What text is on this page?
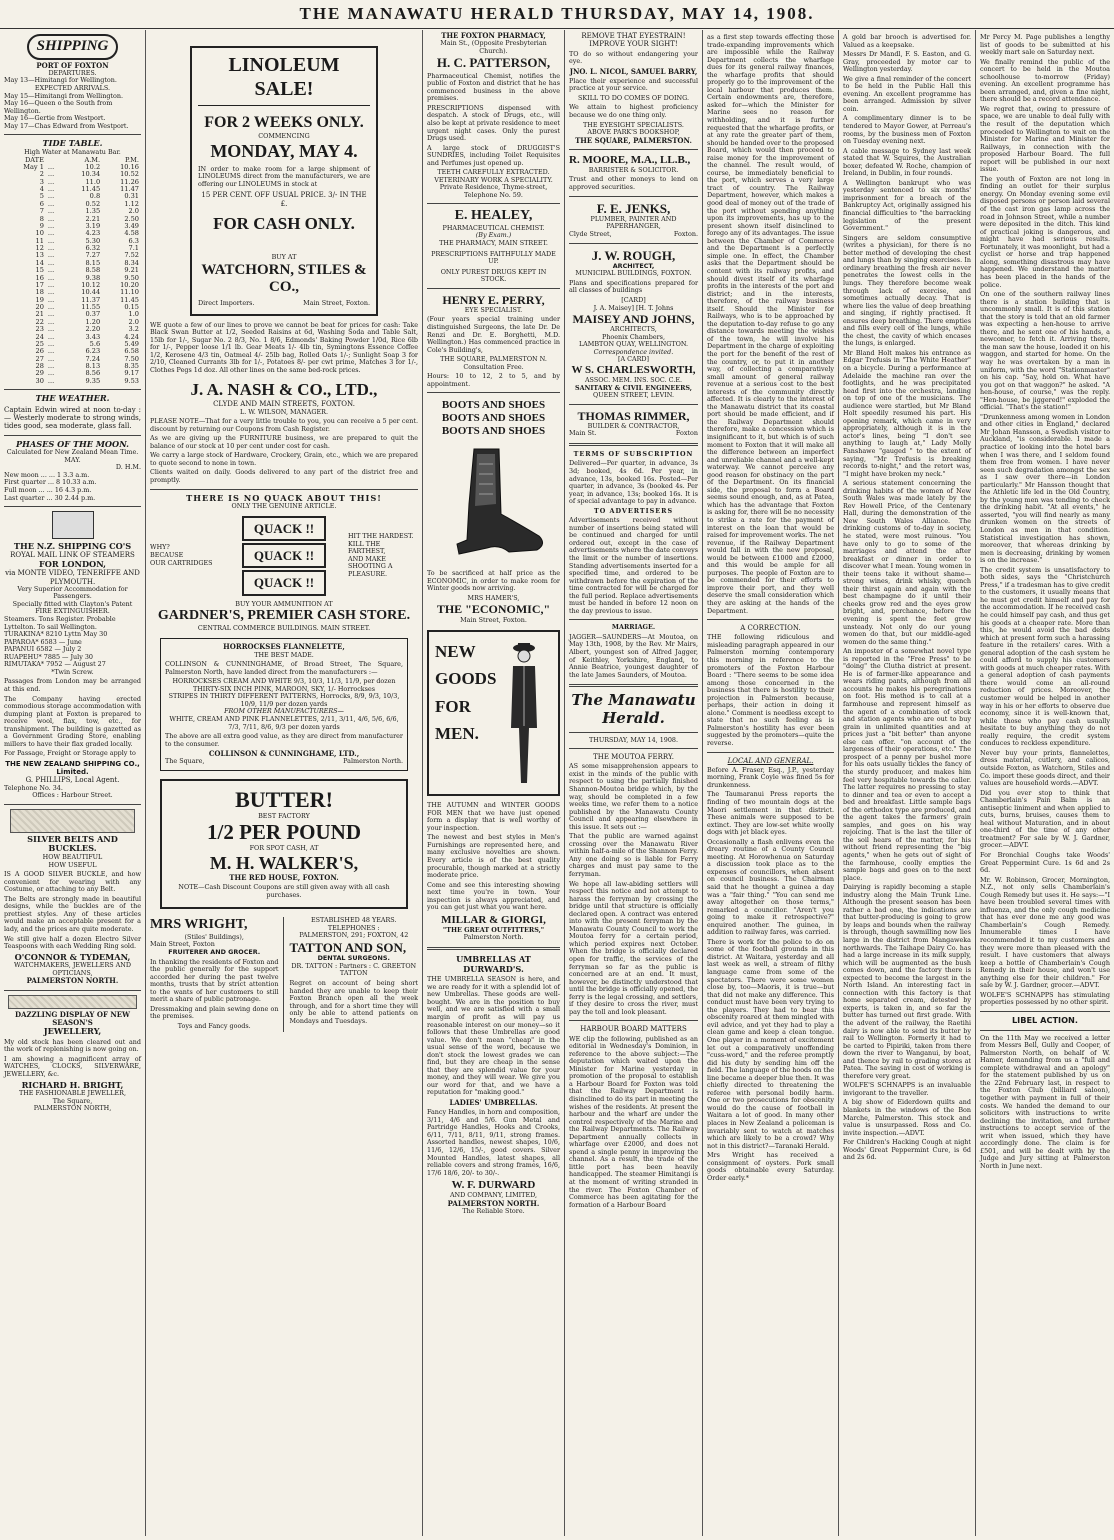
THE MANAWATU HERALD THURSDAY, MAY 14, 1908.
SHIPPING
PORT OF FOXTON
DEPARTURES.
May 13—Himitangi for Wellington.
EXPECTED ARRIVALS.
May 15—Himitangi from Wellington.
May 16—Queen o the South from Wellington.
May 16—Gertie from Westport.
May 17—Chas Edward from Westport.
TIDE TABLE.
High Water at Manawatu Bar.
DATE		A.M.	P.M.
May 1	...	10.2	10.16
2	...	10.34	10.52
3	...	11.0	11.26
4	...	11.45	11.47
5	...	0.8	0.31
6	...	0.52	1.12
7	...	1.35	2.0
8	...	2.21	2.50
9	...	3.19	3.49
10	...	4.23	4.58
11	...	5.30	6.3
12	...	6.32	7.1
13	...	7.27	7.52
14	...	8.15	8.34
15	...	8.58	9.21
16	...	9.38	9.50
17	...	10.12	10.20
18	...	10.44	11.10
19	...	11.37	11.45
20	...	11.55	0.15
21	...	0.37	1.0
22	...	1.20	2.0
23	...	2.20	3.2
24	...	3.43	4.24
25	...	5.6	5.49
26	...	6.23	6.58
27	...	7.24	7.50
28	...	8.13	8.35
29	...	8.56	9.17
30	...	9.35	9.53
THE WEATHER.

Captain Edwin wired at noon to-day :— Westerly moderate to strong winds, tides good, sea moderate, glass fall.

PHASES OF THE MOON.
Calculated for New Zealand Mean Time. MAY.
D. H.M.
New moon ... ... 1 3.3 a.m.
First quarter ... 8 10.33 a.m.
Full moon ... ... 16 4.3 p.m.
Last quarter ... 30 2.44 p.m.
THE N.Z. SHIPPING CO'S
ROYAL MAIL LINK OF STEAMERS
FOR LONDON,
via MONTE VIDEO, TENERIFFE AND PLYMOUTH.
Very Superior Accommodation for Passengers.
Specially fitted with Clayton's Patent FIRE EXTINGUISHER.
Steamers. Tons Register. Probable Lyttelton. To sail Wellington.
TURAKINA* 8210 Lyttn May 30
PAPAROA* 6583 — June
PAPANUI 6582 — July 2
RUAPEHU* 7885 — July 30
RIMUTAKA* 7952 — August 27
*Twin Screw.

Passages from London may be arranged at this end.

The Company having erected commodious storage accommodation with dumping plant at Foxton is prepared to receive wool, flax, tow, etc., for transhipment. The building is gazetted as a Government Grading Store, enabling millers to have their flax graded locally.

For Passage, Freight or Storage apply to

THE NEW ZEALAND SHIPPING CO., Limited.
G. PHILLIPS, Local Agent.
Telephone No. 34.
Offices : Harbour Street.
SILVER BELTS AND BUCKLES.
HOW BEAUTIFUL
HOW USEFUL

IS A GOOD SILVER BUCKLE, and how convenient for wearing with any Costume, or attaching to any Belt.

The Belts are strongly made in beautiful designs, while the buckles are of the prettiest styles. Any of these articles would make an acceptable present for a lady, and the prices are quite moderate.

We still give half a dozen Electro Silver Teaspoons with each Wedding Ring sold.

O'CONNOR & TYDEMAN,
WATCHMAKERS, JEWELLERS AND OPTICIANS,
PALMERSTON NORTH.
DAZZLING DISPLAY OF NEW SEASON'S
JEWELLERY,

My old stock has been cleared out and the work of replenishing is now going on.

I am showing a magnificent array of WATCHES, CLOCKS, SILVERWARE, JEWELLERY, &c.

RICHARD H. BRIGHT,
THE FASHIONABLE JEWELLER,
The Square,
PALMERSTON NORTH,
LINOLEUM SALE!
FOR 2 WEEKS ONLY.
COMMENCING
MONDAY, MAY 4.

IN order to make room for a large shipment of LINOLEUMS direct from the manufacturers, we are offering our LINOLEUMS in stock at

15 PER CENT. OFF USUAL PRICE. 3/- IN THE £.
FOR CASH ONLY.
BUY AT
WATCHORN, STILES & CO.,
Direct Importers.	Main Street, Foxton.

WE quote a few of our lines to prove we cannot be beat for prices for cash: Take Black Swan Butter at 1/2, Seeded Raisins at 6d, Washing Soda and Table Salt, 15lb for 1/-, Sugar No. 2 8/3, No. 1 8/6, Edmonds' Baking Powder 1/0d, Rice 6lb for 1/-, Pepper loose 1/1 lb. Gear Meats 1/- 4lb tin, Symingtons Essence Coffee 1/2, Kerosene 4/3 tin, Oatmeal 4/- 25lb bag, Rolled Oats 1/-; Sunlight Soap 3 for 2/10, Cleaned Currants 3lb for 1/-, Potatoes 8/- per cwt prime, Matches 3 for 1/-, Clothes Pegs 1d doz. All other lines on the same bed-rock prices.

J. A. NASH & CO., LTD.,
CLYDE AND MAIN STREETS, FOXTON.
L. W. WILSON, MANAGER.

PLEASE NOTE—That for a very little trouble to you, you can receive a 5 per cent. discount by returning our Coupons from Cash Register.

As we are giving up the FURNITURE business, we are prepared to quit the balance of our stock at 10 per cent under cost for cash.

We carry a large stock of Hardware, Crockery, Grain, etc., which we are prepared to quote second to none in town.

Clients waited on daily. Goods delivered to any part of the district free and promptly.

THERE IS NO QUACK ABOUT THIS!
ONLY THE GENUINE ARTICLE.
WHY?
BECAUSE
OUR CARTRIDGES
QUACK !!
QUACK !!
QUACK !!
HIT THE HARDEST.
KILL THE FARTHEST,
AND MAKE SHOOTING A PLEASURE.
BUY YOUR AMMUNITION AT
GARDNER'S, PREMIER CASH STORE.
CENTRAL COMMERCE BUILDINGS. MAIN STREET.
HORROCKSES FLANNELETTE,
THE BEST MADE.

COLLINSON & CUNNINGHAME, of Broad Street, The Square, Palmerston North, have landed direct from the manufacturers :—

HORROCKSES CREAM AND WHITE 9/3, 10/3, 11/3, 11/9, per dozen
THIRTY-SIX INCH PINK, MAROON, SKY, 1/- Horrockses
STRIPES IN THIRTY DIFFERENT PATTERNS, Horrocks, 8/9, 9/3, 10/3, 10/9, 11/9 per dozen yards
FROM OTHER MANUFACTURERS—
WHITE, CREAM AND PINK FLANNELETTES, 2/11, 3/11, 4/6, 5/6, 6/6, 7/3, 7/11, 8/6, 9/3 per dozen yards

The above are all extra good value, as they are direct from manufacturer to the consumer.

COLLINSON & CUNNINGHAME, LTD.,
The Square,	Palmerston North.
BUTTER!
BEST FACTORY
1/2 PER POUND
FOR SPOT CASH, AT
M. H. WALKER'S,
THE RED HOUSE, FOXTON.

NOTE—Cash Discount Coupons are still given away with all cash purchases.

MRS WRIGHT,
(Stiles' Buildings),
Main Street, Foxton
FRUITERER AND GROCER.

In thanking the residents of Foxton and the public generally for the support accorded her during the past twelve months, trusts that by strict attention to the wants of her customers to still merit a share of public patronage.

Dressmaking and plain sewing done on the premises.

Toys and Fancy goods.

ESTABLISHED 48 YEARS.
TELEPHONES :
PALMERSTON, 291; FOXTON, 42
TATTON AND SON,
DENTAL SURGEONS.
DR. TATTON : Partners : C. GREETON TATTON

Regret on account of being short handed they are unable to keep their Foxton Branch open all the week through, and for a short time they will only be able to attend patients on Mondays and Tuesdays.

THE FOXTON PHARMACY,
Main St., (Opposite Presbyterian Church).
H. C. PATTERSON,

Pharmaceutical Chemist, notifies the public of Foxton and district that he has commenced business in the above premises.

PRESCRIPTIONS dispensed with despatch. A stock of Drugs, etc., will also be kept at private residence to meet urgent night cases. Only the purest Drugs used.

A large stock of DRUGGIST'S SUNDRIES, including Toilet Requisites and Perfumes just opened up.

TEETH CAREFULLY EXTRACTED.
VETERINARY WORK A SPECIALITY.
Private Residence, Thyme-street, Telephone No. 59.
E. HEALEY,
PHARMACEUTICAL CHEMIST.
(By Exam.)
THE PHARMACY, MAIN STREET.
PRESCRIPTIONS FAITHFULLY MADE UP.
ONLY PUREST DRUGS KEPT IN STOCK.
HENRY E. PERRY,
EYE SPECIALIST.

(Four years special training under distinguished Surgeons, the late Dr. De Renzi and Dr. E. Borghetti, M.D. Wellington.) Has commenced practice in Cole's Building's,

THE SQUARE, PALMERSTON N.
Consultation Free.

Hours: 10 to 12, 2 to 5, and by appointment.

BOOTS AND SHOES
BOOTS AND SHOES
BOOTS AND SHOES

To be sacrificed at half price as the ECONOMIC, in order to make room for Winter goods now arriving.

MRS HAMER'S,
THE "ECONOMIC,"
Main Street, Foxton.
NEW
GOODS
FOR
MEN.

THE AUTUMN and WINTER GOODS FOR MEN that we have just opened form a display that is well worthy of your inspection.

The newest and best styles in Men's Furnishings are represented here, and many exclusive novelties are shown. Every article is of the best quality procurable, though marked at a strictly moderate price.

Come and see this interesting showing next time you're in town. Your inspection is always appreciated, and you can get just what you want here.

MILLAR & GIORGI,
"THE GREAT OUTFITTERS,"
Palmerston North.
UMBRELLAS AT DURWARD'S.

THE UMBRELLA SEASON is here, and we are ready for it with a splendid lot of new Umbrellas. These goods are well-bought. We are in the position to buy well, and we are satisfied with a small margin of profit as will pay us reasonable interest on our money—so it follows that these Umbrellas are good value. We don't mean "cheap" in the usual sense of the word, because we don't stock the lowest grades we can find, but they are cheap in the sense that they are splendid value for your money, and they will wear. We give you our word for that, and we have a reputation for "making good."

LADIES' UMBRELLAS.

Fancy Handles, in horn and composition, 3/11, 4/6 and 5/6. Gun Metal and Partridge Handles, Hooks and Crooks, 6/11, 7/11, 8/11, 9/11, strong frames. Assorted handles, newest shapes, 10/6, 11/6, 12/6, 15/-, good covers. Silver Mounted Handles, latest shapes, all reliable covers and strong frames, 16/6, 17/6 18/6, 20/- to 30/-.

W. F. DURWARD
AND COMPANY, LIMITED,
PALMERSTON NORTH.
The Reliable Store.
REMOVE THAT EYESTRAIN! IMPROVE YOUR SIGHT!

TO do so without endangering your eye.

JNO. L. NICOL, SAMUEL BARRY,

Place their experience and successful practice at your service.

SKILL TO DO COMES OF DOING.

We attain to highest proficiency because we do one thing only.

THE EYESIGHT SPECIALISTS.
ABOVE PARK'S BOOKSHOP,
THE SQUARE, PALMERSTON.
R. MOORE, M.A., LL.B.,
BARRISTER & SOLICITOR.

Trust and other moneys to lend on approved securities.

F. E. JENKS,
PLUMBER, PAINTER AND PAPERHANGER,
Clyde Street,	Foxton.
J. W. ROUGH,
ARCHITECT,
MUNICIPAL BUILDINGS, FOXTON.

Plans and specifications prepared for all classes of buildings

[CARD]
J. A. Maisey] [H. T. Johns
MAISEY AND JOHNS,
ARCHITECTS,
Phoenix Chambers,
LAMBTON QUAY, WELLINGTON.
Correspondence invited.
[A CARD]
W S. CHARLESWORTH,
ASSOC. MEM. INS. SOC. C.E.
SANITARY & CIVIL ENGINEERS,
QUEEN STREET, LEVIN.
THOMAS RIMMER,
BUILDER & CONTRACTOR,
Main St.	Foxton
TERMS OF SUBSCRIPTION

Delivered—Per quarter, in advance, 3s 3d; booked, 4s 6d. Per year, in advance, 13s, booked 16s. Posted—Per quarter, in advance, 3s (booked 4s. Per year, in advance, 13s; booked 16s. It is of special advantage to pay in advance.

TO ADVERTISERS

Advertisements received without number of insertions being stated will be continued and charged for until ordered out, except in the case of advertisements where the date conveys the limit or the number of insertions. Standing advertisements inserted for a specified time, and ordered to be withdrawn before the expiration of the time contracted for will be charged for the full period. Replace advertisements must be handed in before 12 noon on the day previous to issue.

MARRIAGE.

JAGGER—SAUNDERS—At Moutoa, on May 13th, 1908, by the Rev. Mr Mairs, Albert, youngest son of Alfred Jagger, of Keithley, Yorkshire, England, to Annie Beatrice, youngest daughter of the late James Saunders, of Moutoa.

The Manawatu Herald.
THURSDAY, MAY 14, 1908.
THE MOUTOA FERRY.

AS some misapprehension appears to exist in the minds of the public with respect to using the partially finished Shannon-Moutoa bridge which, by the way, should be completed in a few weeks time, we refer them to a notice published by the Manawatu County Council and appearing elsewhere in this issue. It sets out :—

That the public are warned against crossing over the Manawatu River within half-a-mile of the Shannon Ferry. Any one doing so is liable for Ferry charges and must pay same to the ferryman.

We hope all law-abiding settlers will respect this notice and not attempt to harass the ferryman by crossing the bridge until that structure is officially declared open. A contract was entered into with the present ferryman by the Manawatu County Council to work the Moutoa ferry for a certain period, which period expires next October. When the bridge is officially declared open for traffic, the services of the ferryman so far as the public is concerned are at an end. It must, however, be distinctly understood that until the bridge is officially opened, the ferry is the legal crossing, and settlers, if they desire to cross the river, must pay the toll and look pleasant.

HARBOUR BOARD MATTERS

WE clip the following, published as an editorial in Wednesday's Dominion, in reference to the above subject:—The deputation which waited upon the Minister for Marine yesterday in promotion of the proposal to establish a Harbour Board for Foxton was told that the Railway Department is disinclined to do its part in meeting the wishes of the residents. At present the harbour and the wharf are under the control respectively of the Marine and the Railway Departments. The Railway Department annually collects in wharfage over £2000, and does not spend a single penny in improving the channel. As a result, the trade of the little port has been heavily handicapped. The steamer Himitangi is at the moment of writing stranded in the river. The Foxton Chamber of Commerce has been agitating for the formation of a Harbour Board

as a first step towards effecting those trade-expanding improvements which are impossible while the Railway Department collects the wharfage dues for its general railway finances, the wharfage profits that should properly go to the improvement of the local harbour that produces them. Certain endowments are, therefore, asked for—which the Minister for Marine sees no reason for withholding, and it is further requested that the wharfage profits, or at any rate the greater part of them, should be handed over to the proposed Board, which would then proceed to raise money for the improvement of the channel. The result would, of course, be immediately beneficial to the port, which serves a very large tract of country. The Railway Department, however, which makes a good deal of money out of the trade of the port without spending anything upon its improvements, has up to the present shown itself disinclined to forego any of its advantages. The issue between the Chamber of Commerce and the Department is a perfectly simple one. In effect, the Chamber asks that the Department should be content with its railway profits, and should divest itself of its wharfage profits in the interests of the port and district; and in the interests, therefore, of the railway business itself. Should the Minister for Railways, who is to be approached by the deputation to-day refuse to go any distance towards meeting the wishes of the town, he will involve his Department in the charge of exploiting the port for the benefit of the rest of the country, or, to put it in another way, of collecting a comparatively small amount of general railway revenue at a serious cost to the best interests of the community directly affected. It is clearly to the interest of the Manawatu district that its coastal port should be made efficient, and if the Railway Department should therefore, make a concession which is insignificant to it, but which is of such moment to Foxton that it will make all the difference between an imperfect and unreliable channel and a well-kept waterway. We cannot perceive any good reason for obstinacy on the part of the Department. On its financial side, the proposal to form a Board seems sound enough, and, as at Patea, which has the advantage that Foxton is asking for, there will be no necessity to strike a rate for the payment of interest on the loan that would be raised for improvement works. The net revenue, if the Railway Department would fall in with the new proposal, would be between £1000 and £2000, and this would be ample for all purposes. The people of Foxton are to be commended for their efforts to improve their port, and they well deserve the small consideration which they are asking at the hands of the Department.

A CORRECTION.

THE following ridiculous and misleading paragraph appeared in our Palmerston morning contemporary this morning in reference to the promoters of the Foxton Harbour Board : "There seems to be some idea among those concerned in the business that there is hostility to their projection in Palmerston because, perhaps, their action in doing it alone." Comment is needless except to state that no such feeling as is Palmerston's hostility has ever been suggested by the promoters—quite the reverse.

LOCAL AND GENERAL.

Before A. Fraser, Esq., J.P., yesterday morning, Frank Coyle was fined 5s for drunkenness.

The Taumaranui Press reports the finding of two mountain dogs at the Maori settlement in that district. These animals were supposed to be extinct. They are low-set white woolly dogs with jet black eyes.

Occasionally a flash enlivens even the dreary routine of a County Council meeting. At Horowhenua on Saturday a discussion took place as to the expenses of councillors, when absent on council business. The Chairman said that he thought a guinea a day was a "fair thing." "You can send me away altogether on those terms," remarked a councillor. "Aren't you going to make it retrospective?" enquired another. The guinea, in addition to railway fares, was carried.

There is work for the police to do on some of the football grounds in this district. At Waitara, yesterday and all last week as well, a stream of filthy language came from some of the spectators. There were some women close by, too—Maoris, it is true—but that did not make any difference. This conduct must have been very trying to the players. They had to bear this obscenity roared at them mingled with evil advice, and yet they had to play a clean game and keep a clean tongue. One player in a moment of excitement let out a comparatively unoffending "cuss-word," and the referee promptly did his duty by sending him off the field. The language of the hoods on the line became a deeper blue then. It was chiefly directed to threatening the referee with personal bodily harm. One or two prosecutions for obscenity would do the cause of football in Waitara a lot of good. In many other places in New Zealand a policeman is invariably sent to watch at matches which are likely to be a crowd? Why not in this district?—Taranaki Herald.

Mrs Wright has received a consignment of oysters. Pork small goods obtainable every Saturday. Order early.*

A gold bar brooch is advertised for. Valued as a keepsake.

Messrs Dr Mandl, F. S. Easton, and G. Gray, proceeded by motor car to Wellington yesterday.

We give a final reminder of the concert to be held in the Public Hall this evening. An excellent programme has been arranged. Admission by silver coin.

A complimentary dinner is to be tendered to Mayor Gower, at Perreau's rooms, by the business men of Foxton on Tuesday evening next.

A cable message to Sydney last week stated that W. Squires, the Australian boxer, defeated W. Roche, champion of Ireland, in Dublin, in four rounds.

A Wellington bankrupt who was yesterday sentenced to six months' imprisonment for a breach of the Bankruptcy Act, originally assigned his financial difficulties to "the barracking legislation of the present Government."

Singers are seldom consumptive (writes a physician), for there is no better method of developing the chest and lungs than by singing exercises. In ordinary breathing the fresh air never penetrates the lowest cells in the lungs. They therefore become weak through lack of exercise, and sometimes actually decay. That is where lies the value of deep breathing and singing, if rightly practised. It ensures deep breathing. There empties and fills every cell of the lungs, while the chest, the cavity of which encases the lungs, is enlarged.

Mr Bland Holt makes his entrance as Edgar Trefusis in "The White Heather" on a bicycle. During a performance at Adelaide the machine ran over the footlights, and he was precipitated head first into the orchestra, landing on top of one of the musicians. The audience were startled, but Mr Bland Holt speedily resumed his part. His opening remark, which came in very appropriately, although it is in the actor's lines, being "I don't see anything to laugh at," Lady Molly Fanshawe "gauged " to the extent of saying, "Mr Trefusis is breaking records to-night," and the retort was, "I might have broken my neck."

A serious statement concerning the drinking habits of the women of New South Wales was made lately by the Rev Howell Price, of the Centenary Hall, during the demonstration of the New South Wales Alliance. The drinking customs of to-day in society, he stated, were most ruinous. "You have only to go to some of the marriages and attend the after breakfast or dinner in order to discover what I mean. Young women in their teens take it without shame—strong wines, drink whisky, quench their thirst again and again with the best champagne do it until their cheeks grow red and the eyes grow bright, and, perchance, before the evening is spent the feet grow unsteady. Not only do our young women do that, but our middle-aged women do the same thing."

An imposter of a somewhat novel type is reported in the "Free Press" to be "doing" the Clutha district at present. He is of farmer-like appearance and wears riding pants, although from all accounts he makes his peregrinations on foot. His method is to call at a farmhouse and represent himself as the agent of a combination of stock and station agents who are out to buy grain in unlimited quantities and at prices just a "bit better" than anyone else can offer. "on account of the largeness of their operations, etc." The prospect of a penny per bushel more for his oats usually tickles the fancy of the sturdy producer, and makes him feel very hospitable towards the caller. The latter requires no pressing to stay to dinner and tea or even to accept a bed and breakfast. Little sample bags of the orthodox type are produced, and the agent takes the farmers' grain samples, and goes on his way rejoicing. That is the last the tiller of the soil hears of the matter, for his without friend representing the "big agents," when he gets out of sight of the farmhouse, coolly empties the sample bags and goes on to the next place.

Dairying is rapidly becoming a staple industry along the Main Trunk Line. Although the present season has been rather a bad one, the indications are that butter-producing is going to grow by leaps and bounds when the railway is through, though sawmilling now lies large in the district from Mangaweka northwards. The Taihape Dairy Co. has had a large increase in its milk supply, which will be augmented as the bush comes down, and the factory there is expected to become the largest in the North Island. An interesting fact in connection with this factory is that home separated cream, detested by experts, is taken in, and so far the butter has turned out first grade. With the advent of the railway, the Raetihi dairy is now able to send its butter by rail to Wellington. Formerly it had to be carted to Pipiriki, taken from there down the river to Wanganui, by boat, and thence by rail to grading stores at Patea. The saving in cost of working is therefore very great.

WOLFE'S SCHNAPPS is an invaluable invigorant to the traveller.

A big show of Eiderdown quilts and blankets in the windows of the Bon Marche, Palmerston. This stock and value is unsurpassed. Ross and Co. invite inspection.—ADVT.

For Children's Hacking Cough at night Woods' Great Peppermint Cure, is 6d and 2s 6d.

Mr Percy M. Page publishes a lengthy list of goods to be submitted at his weekly mart sale on Saturday next.

We finally remind the public of the concert to be held in the Moutoa schoolhouse to-morrow (Friday) evening. An excellent programme has been arranged, and, given a fine night, there should be a record attendance.

We regret that, owing to pressure of space, we are unable to deal fully with the result of the deputation which proceeded to Wellington to wait on the Minister for Marine and Minister for Railways, in connection with the proposed Harbour Board. The full report will be published in our next issue.

The youth of Foxton are not long in finding an outlet for their surplus energy. On Monday evening some evil disposed persons or person laid several of the cast iron gas lamp across the road in Johnson Street, while a number were deposited in the ditch. This kind of practical joking is dangerous, and might have had serious results. Fortunately, it was moonlight, but had a cyclist or horse and trap happened along, something disastrous may have happened. We understand the matter has been placed in the hands of the police.

On one of the southern railway lines there is a station building that is uncommonly small. It is of this station that the story is told that an old farmer was expecting a hen-house to arrive there, and he sent one of his hands, a newcomer, to fetch it. Arriving there, the man saw the house, loaded it on his waggon, and started for home. On the way he was overtaken by a man in uniform, with the word "Stationmaster" on his cap. "Say, hold on. What have you got on that waggon?" he asked. "A hen-house, of course," was the reply. "Hen-house, be jiggered!" exploded the official. "That's the station!"

"Drunkenness among women in London and other cities in England," declared Mr Johan Hansson, a Swedish visitor to Auckland, "is considerable. I made a practice of looking into the hotel bars when I was there, and I seldom found them free from women. I have never seen such degradation amongst the sex as I saw over there—in London particularly." Mr Hansson thought that the Athletic life led in the Old Country, by the young men was tending to check the drinking habit. "At all events," he asserted, "you will find nearly as many drunken women on the streets of London as men in that condition. Statistical investigation has shown, moreover, that whereas drinking by men is decreasing, drinking by women is on the increase."

The credit system is unsatisfactory to both sides, says the "Christchurch Press," if a tradesman has to give credit to the customers, it usually means that he must get credit himself and pay for the accommodation. If he received cash he could himself pay cash, and thus get his goods at a cheaper rate. More than this, he would avoid the bad debts which at present form such a harassing feature in the retailers' cares. With a general adoption of the cash system he could afford to supply his customers with goods at much cheaper rates. With a general adoption of cash payments there would come an all-round reduction of prices. Moreover, the customer would be helped in another way in his or her efforts to observe due economy, since it is well-known that, while those who pay cash usually hesitate to buy anything they do not really require, the credit system conduces to reckless expenditure.

Never buy your prints, flannelettes, dress material, cutlery, and calicos, outside Foxton, as Watchorn, Stiles and Co. import these goods direct, and their values are household words.—ADVT.

Did you ever stop to think that Chamberlain's Pain Balm is an antiseptic liniment and when applied to cuts, burns, bruises, causes them to heal without Maturation, and in about one-third of the time of any other treatment? For sale by W. J. Gardner, grocer.—ADVT.

For Bronchial Coughs take Woods' Great Peppermint Cure. 1s 6d and 2s 6d.

Mr. W. Robinson, Grocer, Mornington, N.Z., not only sells Chamberlain's Cough Remedy but uses it. He says:—"I have been troubled several times with influenza, and the only cough medicine that has ever done me any good was Chamberlain's Cough Remedy. Innumerable times I have recommended it to my customers and they were more than pleased with the result. I have customers that always keep a bottle of Chamberlain's Cough Remedy in their house, and won't use anything else for their children." For sale by W. J. Gardner, grocer.—ADVT.

WOLFE'S SCHNAPPS has stimulating properties possessed by no other spirit.

LIBEL ACTION.

On the 11th May we received a letter from Messrs Bell, Gully and Cooper, of Palmerston North, on behalf of W. Hamer, demanding from us a "full and complete withdrawal and an apology" for the statement published by us on the 22nd February last, in respect to the Foxton Club (billiard saloon), together with payment in full of their costs. We handed the demand to our solicitors with instructions to write declining the invitation, and further instructions to accept service of the writ when issued, which they have accordingly done. The claim is for £501, and will be dealt with by the Judge and Jury sitting at Palmerston North in June next.
